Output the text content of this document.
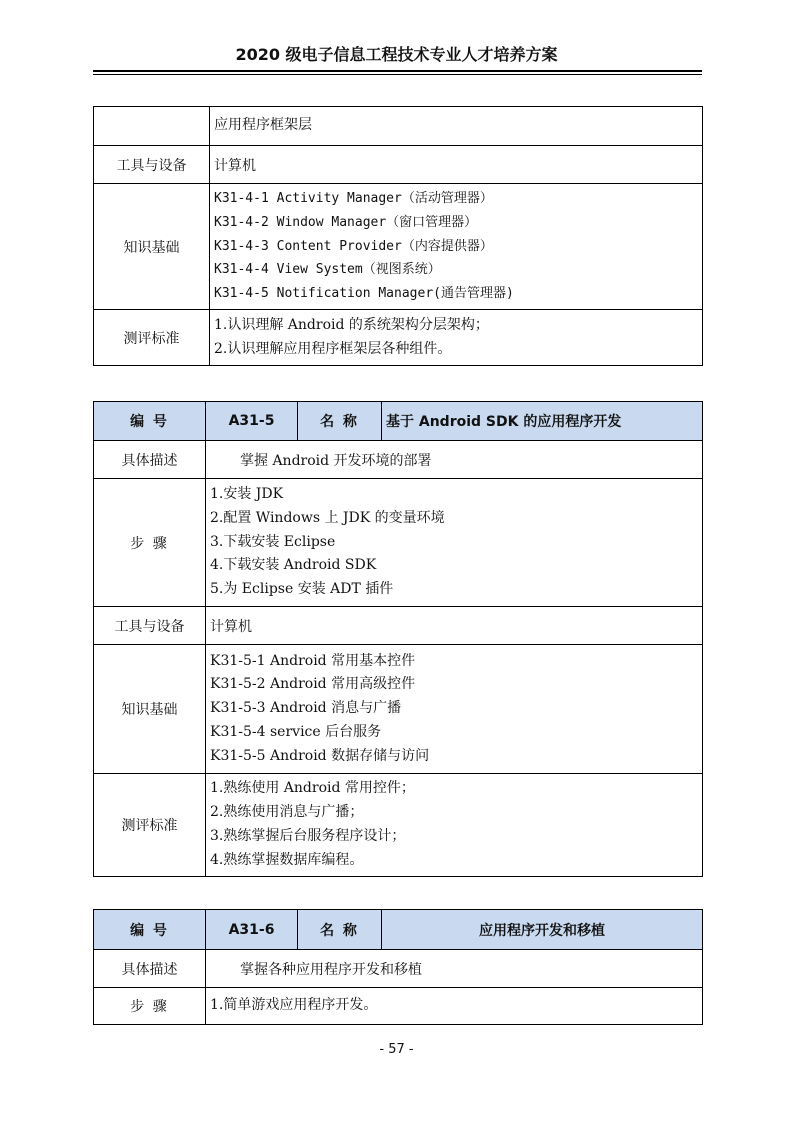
2020 级电子信息工程技术专业人才培养方案
	应用程序框架层
工具与设备	计算机
知识基础	K31-4-1 Activity Manager（活动管理器）
K31-4-2 Window Manager（窗口管理器）
K31-4-3 Content Provider（内容提供器）
K31-4-4 View System（视图系统）
K31-4-5 Notification Manager(通告管理器)

测评标准	1.认识理解 Android 的系统架构分层架构；
2.认识理解应用程序框架层各种组件。
编 号	A31-5	名 称	基于 Android SDK 的应用程序开发
具体描述	掌握 Android 开发环境的部署		
步 骤	1.安装 JDK
2.配置 Windows 上 JDK 的变量环境
3.下载安装 Eclipse
4.下载安装 Android SDK
5.为 Eclipse 安装 ADT 插件		

工具与设备	计算机		
知识基础	K31-5-1 Android 常用基本控件
K31-5-2 Android 常用高级控件
K31-5-3 Android 消息与广播
K31-5-4 service 后台服务
K31-5-5 Android 数据存储与访问		

测评标准	1.熟练使用 Android 常用控件；
2.熟练使用消息与广播；
3.熟练掌握后台服务程序设计；
4.熟练掌握数据库编程。		
编 号	A31-6	名 称	应用程序开发和移植
具体描述	掌握各种应用程序开发和移植		
步 骤	1.简单游戏应用程序开发。		
- 57 -
